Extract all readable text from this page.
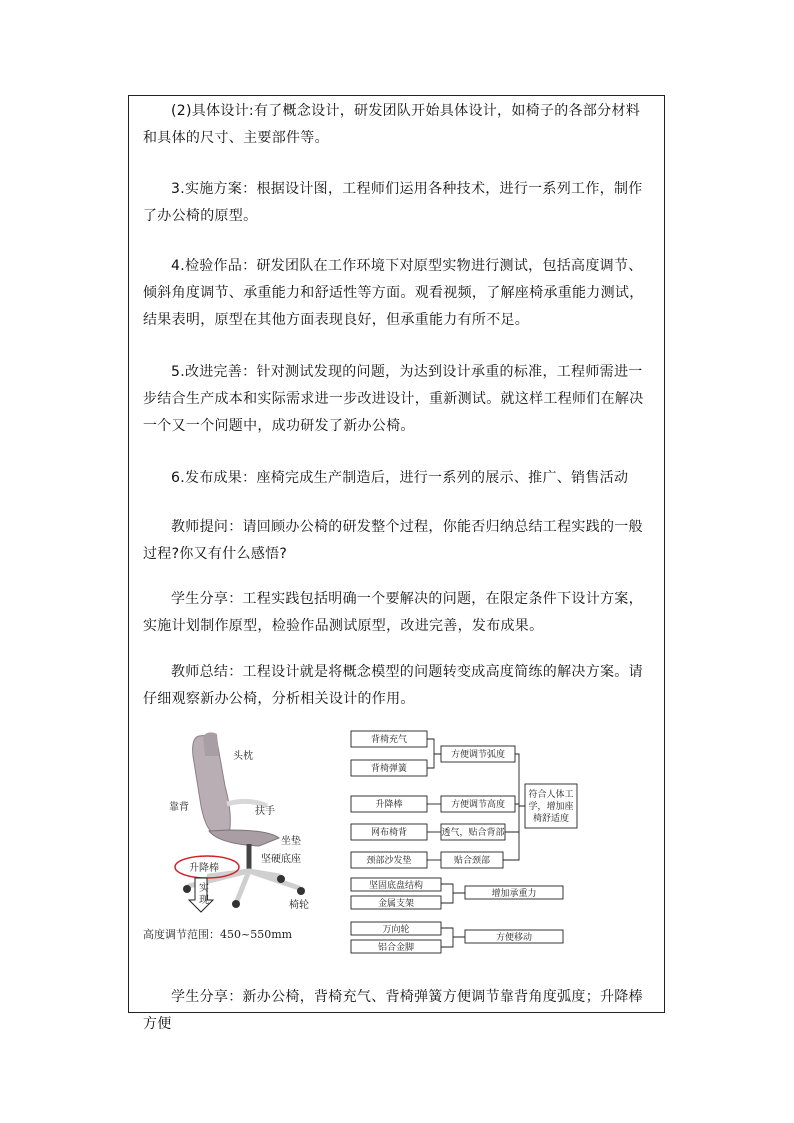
(2)具体设计:有了概念设计，研发团队开始具体设计，如椅子的各部分材料和具体的尺寸、主要部件等。

3.实施方案：根据设计图，工程师们运用各种技术，进行一系列工作，制作了办公椅的原型。

4.检验作品：研发团队在工作环境下对原型实物进行测试，包括高度调节、倾斜角度调节、承重能力和舒适性等方面。观看视频，了解座椅承重能力测试，结果表明，原型在其他方面表现良好，但承重能力有所不足。

5.改进完善：针对测试发现的问题，为达到设计承重的标准，工程师需进一步结合生产成本和实际需求进一步改进设计，重新测试。就这样工程师们在解决一个又一个问题中，成功研发了新办公椅。

6.发布成果：座椅完成生产制造后，进行一系列的展示、推广、销售活动

教师提问：请回顾办公椅的研发整个过程，你能否归纳总结工程实践的一般过程?你又有什么感悟?

学生分享：工程实践包括明确一个要解决的问题，在限定条件下设计方案，实施计划制作原型，检验作品测试原型，改进完善，发布成果。

教师总结：工程设计就是将概念模型的问题转变成高度简练的解决方案。请仔细观察新办公椅，分析相关设计的作用。

升降棒
实
现
头枕
靠背	扶手
坐垫
坚硬底座
椅轮
高度调节范围：450~550mm
背椅充气
背椅弹簧
升降棒
网布椅背
颈部沙发垫
方便调节弧度
方便调节高度
透气，贴合背部
贴合颈部
符合人体工
学，增加座
椅舒适度
坚固底盘结构
金属支架
增加承重力
万向轮
铝合金脚
方便移动

学生分享：新办公椅，背椅充气、背椅弹簧方便调节靠背角度弧度；升降棒方便
